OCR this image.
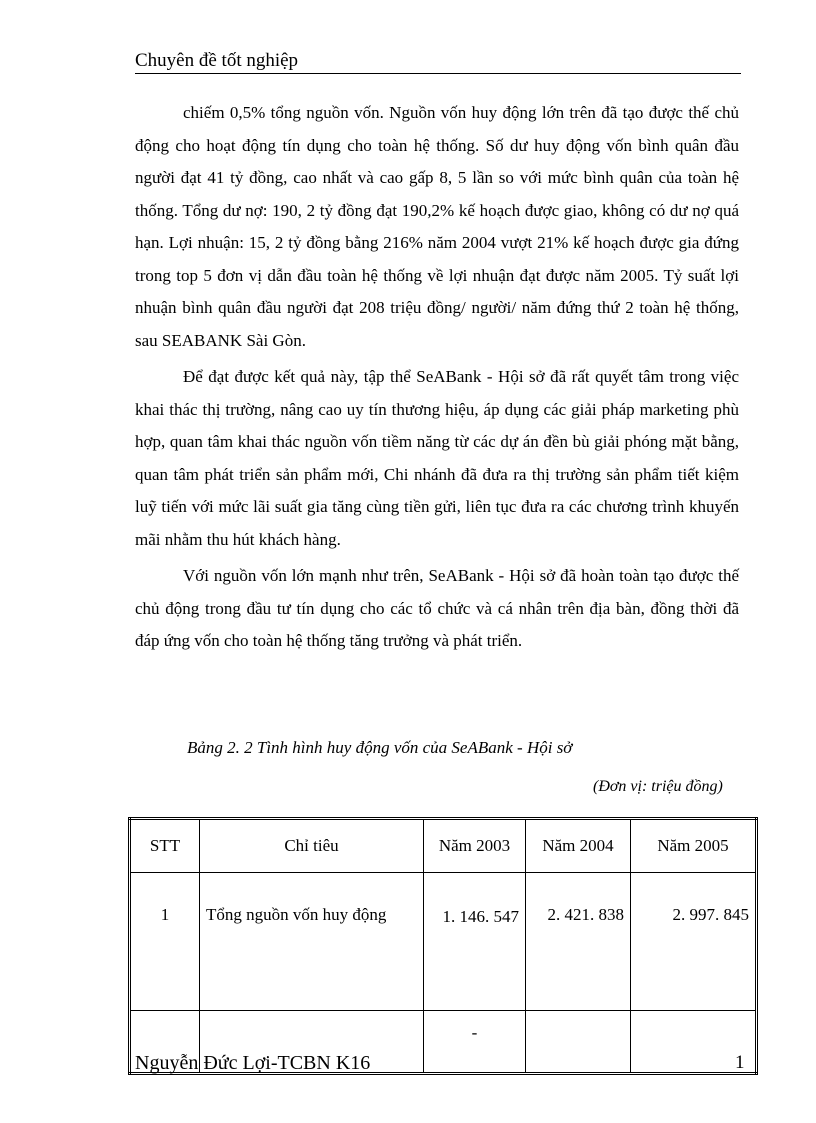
Chuyên đề tốt nghiệp

chiếm 0,5% tổng nguồn vốn. Nguồn vốn huy động lớn trên đã tạo được thế chủ động cho hoạt động tín dụng cho toàn hệ thống. Số dư huy động vốn bình quân đầu người đạt 41 tỷ đồng, cao nhất và cao gấp 8, 5 lần so với mức bình quân của toàn hệ thống. Tổng dư nợ: 190, 2 tỷ đồng đạt 190,2% kế hoạch được giao, không có dư nợ quá hạn. Lợi nhuận: 15, 2 tỷ đồng bằng 216% năm 2004 vượt 21% kế hoạch được gia đứng trong top 5 đơn vị dẫn đầu toàn hệ thống về lợi nhuận đạt được năm 2005. Tỷ suất lợi nhuận bình quân đầu người đạt 208 triệu đồng/ người/ năm đứng thứ 2 toàn hệ thống, sau SEABANK Sài Gòn.

Để đạt được kết quả này, tập thể SeABank - Hội sở đã rất quyết tâm trong việc khai thác thị trường, nâng cao uy tín thương hiệu, áp dụng các giải pháp marketing phù hợp, quan tâm khai thác nguồn vốn tiềm năng từ các dự án đền bù giải phóng mặt bằng, quan tâm phát triển sản phẩm mới, Chi nhánh đã đưa ra thị trường sản phẩm tiết kiệm luỹ tiến với mức lãi suất gia tăng cùng tiền gửi, liên tục đưa ra các chương trình khuyến mãi nhằm thu hút khách hàng.

Với nguồn vốn lớn mạnh như trên, SeABank - Hội sở đã hoàn toàn tạo được thế chủ động trong đầu tư tín dụng cho các tổ chức và cá nhân trên địa bàn, đồng thời đã đáp ứng vốn cho toàn hệ thống tăng trưởng và phát triển.

Bảng 2. 2 Tình hình huy động vốn của SeABank - Hội sở
(Đơn vị: triệu đồng)
STT	Chỉ tiêu	Năm 2003	Năm 2004	Năm 2005
1	Tổng nguồn vốn huy động	1. 146. 547	2. 421. 838	2. 997. 845
		-		
Nguyễn Đức Lợi-TCBN K16	1
